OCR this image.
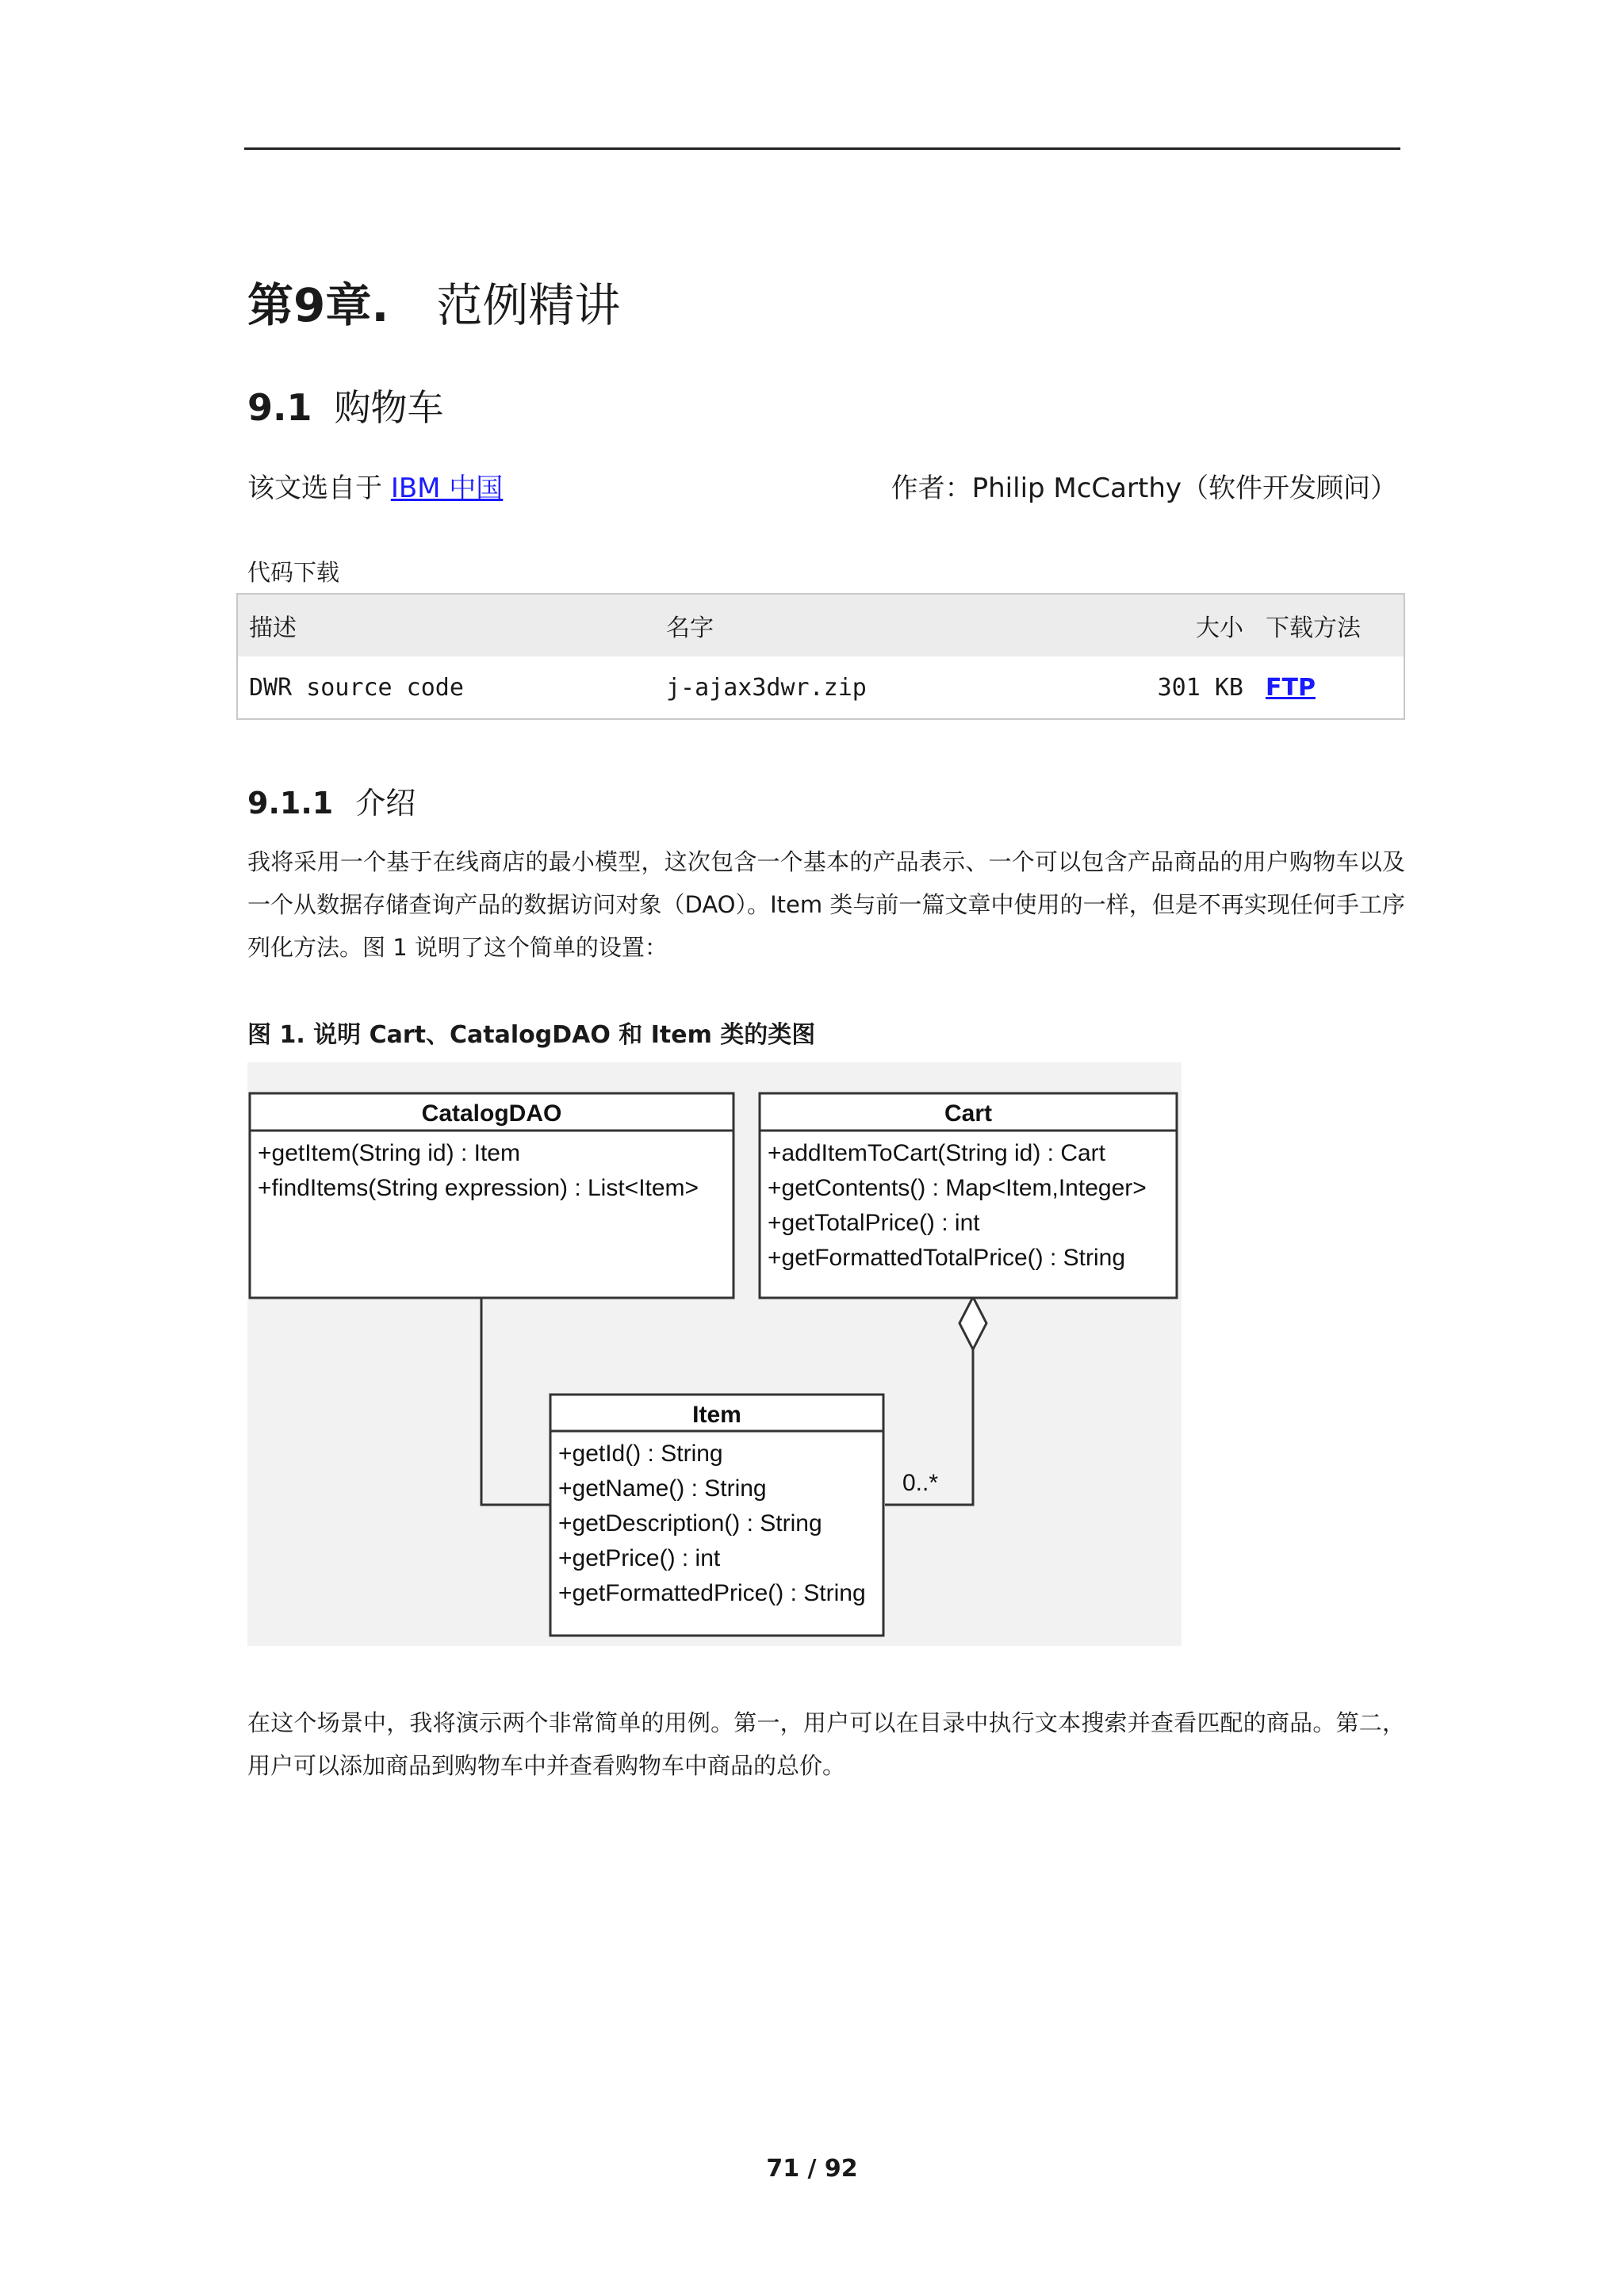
第9章. 范例精讲
9.1 购物车
该文选自于 IBM 中国	作者：Philip McCarthy（软件开发顾问）
代码下载
描述	名字	大小	下载方法
DWR source code	j-ajax3dwr.zip	301 KB	FTP
9.1.1 介绍

我将采用一个基于在线商店的最小模型，这次包含一个基本的产品表示、一个可以包含产品商品的用户购物车以及一个从数据存储查询产品的数据访问对象（DAO）。Item 类与前一篇文章中使用的一样，但是不再实现任何手工序列化方法。图 1 说明了这个简单的设置：

图 1. 说明 Cart、CatalogDAO 和 Item 类的类图
0..*
CatalogDAO
+getItem(String id) : Item
+findItems(String expression) : List<Item>
Cart
+addItemToCart(String id) : Cart
+getContents() : Map<Item,Integer>
+getTotalPrice() : int
+getFormattedTotalPrice() : String
Item
+getId() : String
+getName() : String
+getDescription() : String
+getPrice() : int
+getFormattedPrice() : String

在这个场景中，我将演示两个非常简单的用例。第一，用户可以在目录中执行文本搜索并查看匹配的商品。第二，用户可以添加商品到购物车中并查看购物车中商品的总价。

71 / 92
